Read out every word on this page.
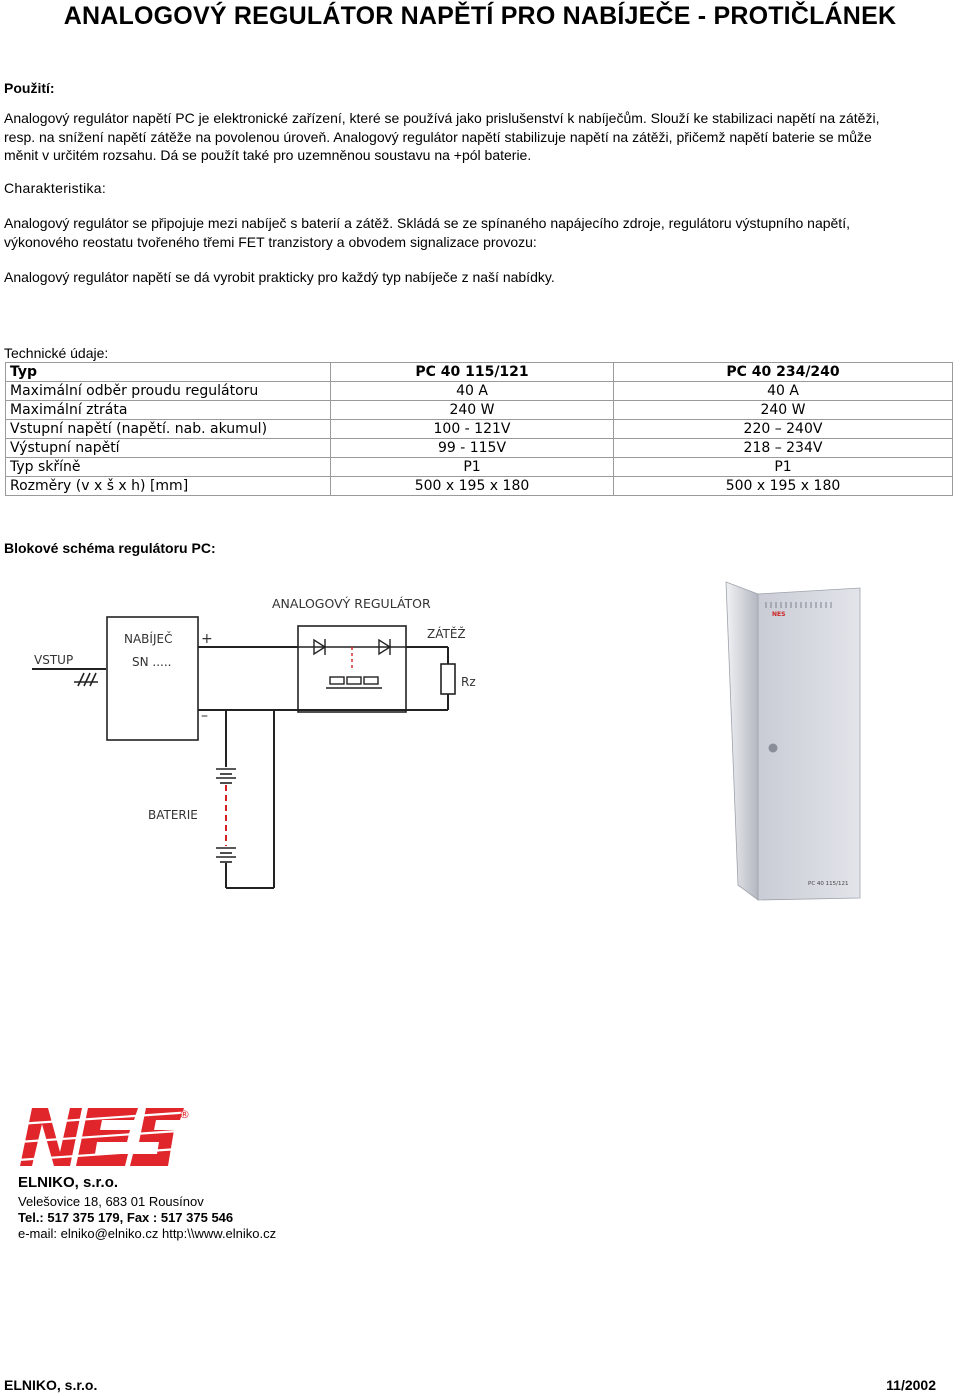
ANALOGOVÝ REGULÁTOR NAPĚTÍ PRO NABÍJEČE - PROTIČLÁNEK
Použití:
Analogový regulátor napětí PC je elektronické zařízení, které se používá jako prislušenství k nabíječům. Slouží ke stabilizaci napětí na zátěži,
resp. na snížení napětí zátěže na povolenou úroveň. Analogový regulátor napětí stabilizuje napětí na zátěži, přičemž napětí baterie se může
měnit v určitém rozsahu. Dá se použít také pro uzemněnou soustavu na +pól baterie.
Charakteristika:
Analogový regulátor se připojuje mezi nabíječ s baterií a zátěž. Skládá se ze spínaného napájecího zdroje, regulátoru výstupního napětí,
výkonového reostatu tvořeného třemi FET tranzistory a obvodem signalizace provozu:
Analogový regulátor napětí se dá vyrobit prakticky pro každý typ nabíječe z naší nabídky.
Technické údaje:
Typ	PC 40 115/121	PC 40 234/240
Maximální odběr proudu regulátoru	40 A	40 A
Maximální ztráta	240 W	240 W
Vstupní napětí (napětí. nab. akumul)	100 - 121V	220 – 240V
Výstupní napětí	99 - 115V	218 – 234V
Typ skříně	P1	P1
Rozměry (v x š x h) [mm]	500 x 195 x 180	500 x 195 x 180
Blokové schéma regulátoru PC:
ANALOGOVÝ REGULÁTOR
VSTUP
NABÍJEČ
SN .....
+
–
ZÁTĚŽ
Rz
BATERIE
NES
PC 40 115/121
®
ELNIKO, s.r.o.
Velešovice 18, 683 01 Rousínov
Tel.: 517 375 179, Fax : 517 375 546
e-mail: elniko@elniko.cz http:\\www.elniko.cz
ELNIKO, s.r.o.	11/2002
